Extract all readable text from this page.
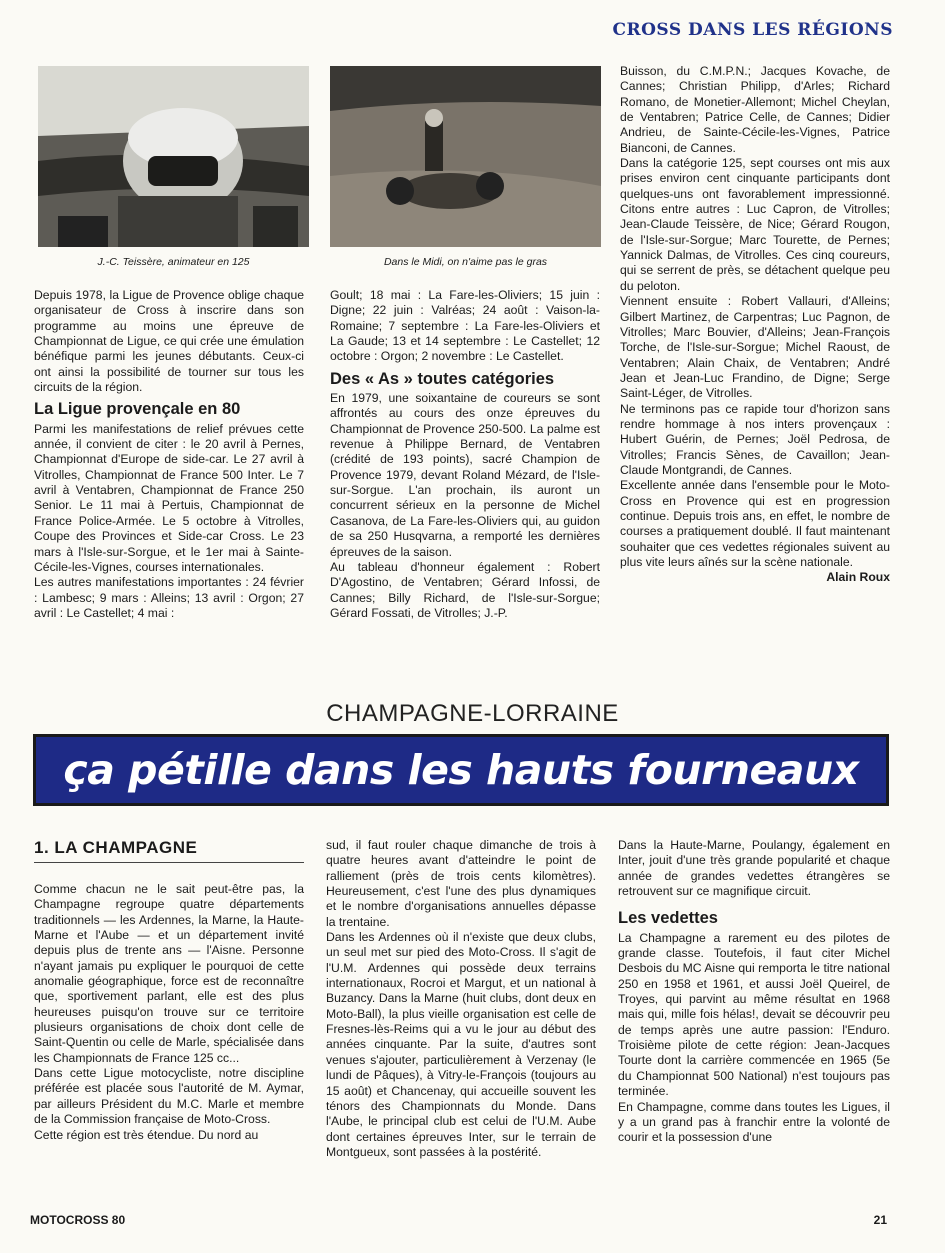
CROSS DANS LES RÉGIONS
J.-C. Teissère, animateur en 125	Dans le Midi, on n'aime pas le gras

Depuis 1978, la Ligue de Provence oblige chaque organisateur de Cross à inscrire dans son programme au moins une épreuve de Championnat de Ligue, ce qui crée une émulation bénéfique parmi les jeunes débutants. Ceux-ci ont ainsi la possibilité de tourner sur tous les circuits de la région.

La Ligue provençale en 80

Parmi les manifestations de relief prévues cette année, il convient de citer : le 20 avril à Pernes, Championnat d'Europe de side-car. Le 27 avril à Vitrolles, Championnat de France 500 Inter. Le 7 avril à Ventabren, Championnat de France 250 Senior. Le 11 mai à Pertuis, Championnat de France Police-Armée. Le 5 octobre à Vitrolles, Coupe des Provinces et Side-car Cross. Le 23 mars à l'Isle-sur-Sorgue, et le 1er mai à Sainte-Cécile-les-Vignes, courses internationales.

Les autres manifestations importantes : 24 février : Lambesc; 9 mars : Alleins; 13 avril : Orgon; 27 avril : Le Castellet; 4 mai :

Goult; 18 mai : La Fare-les-Oliviers; 15 juin : Digne; 22 juin : Valréas; 24 août : Vaison-la-Romaine; 7 septembre : La Fare-les-Oliviers et La Gaude; 13 et 14 septembre : Le Castellet; 12 octobre : Orgon; 2 novembre : Le Castellet.

Des « As » toutes catégories

En 1979, une soixantaine de coureurs se sont affrontés au cours des onze épreuves du Championnat de Provence 250-500. La palme est revenue à Philippe Bernard, de Ventabren (crédité de 193 points), sacré Champion de Provence 1979, devant Roland Mézard, de l'Isle-sur-Sorgue. L'an prochain, ils auront un concurrent sérieux en la personne de Michel Casanova, de La Fare-les-Oliviers qui, au guidon de sa 250 Husqvarna, a remporté les dernières épreuves de la saison.

Au tableau d'honneur également : Robert D'Agostino, de Ventabren; Gérard Infossi, de Cannes; Billy Richard, de l'Isle-sur-Sorgue; Gérard Fossati, de Vitrolles; J.-P.

Buisson, du C.M.P.N.; Jacques Kovache, de Cannes; Christian Philipp, d'Arles; Richard Romano, de Monetier-Allemont; Michel Cheylan, de Ventabren; Patrice Celle, de Cannes; Didier Andrieu, de Sainte-Cécile-les-Vignes, Patrice Bianconi, de Cannes.

Dans la catégorie 125, sept courses ont mis aux prises environ cent cinquante participants dont quelques-uns ont favorablement impressionné. Citons entre autres : Luc Capron, de Vitrolles; Jean-Claude Teissère, de Nice; Gérard Rougon, de l'Isle-sur-Sorgue; Marc Tourette, de Pernes; Yannick Dalmas, de Vitrolles. Ces cinq coureurs, qui se serrent de près, se détachent quelque peu du peloton.

Viennent ensuite : Robert Vallauri, d'Alleins; Gilbert Martinez, de Carpentras; Luc Pagnon, de Vitrolles; Marc Bouvier, d'Alleins; Jean-François Torche, de l'Isle-sur-Sorgue; Michel Raoust, de Ventabren; Alain Chaix, de Ventabren; André Jean et Jean-Luc Frandino, de Digne; Serge Saint-Léger, de Vitrolles.

Ne terminons pas ce rapide tour d'horizon sans rendre hommage à nos inters provençaux : Hubert Guérin, de Pernes; Joël Pedrosa, de Vitrolles; Francis Sènes, de Cavaillon; Jean-Claude Montgrandi, de Cannes.

Excellente année dans l'ensemble pour le Moto-Cross en Provence qui est en progression continue. Depuis trois ans, en effet, le nombre de courses a pratiquement doublé. Il faut maintenant souhaiter que ces vedettes régionales suivent au plus vite leurs aînés sur la scène nationale.

Alain Roux
CHAMPAGNE-LORRAINE
ça pétille dans les hauts fourneaux
1. LA CHAMPAGNE

Comme chacun ne le sait peut-être pas, la Champagne regroupe quatre départements traditionnels — les Ardennes, la Marne, la Haute-Marne et l'Aube — et un département invité depuis plus de trente ans — l'Aisne. Personne n'ayant jamais pu expliquer le pourquoi de cette anomalie géographique, force est de reconnaître que, sportivement parlant, elle est des plus heureuses puisqu'on trouve sur ce territoire plusieurs organisations de choix dont celle de Saint-Quentin ou celle de Marle, spécialisée dans les Championnats de France 125 cc...

Dans cette Ligue motocycliste, notre discipline préférée est placée sous l'autorité de M. Aymar, par ailleurs Président du M.C. Marle et membre de la Commission française de Moto-Cross.

Cette région est très étendue. Du nord au

sud, il faut rouler chaque dimanche de trois à quatre heures avant d'atteindre le point de ralliement (près de trois cents kilomètres). Heureusement, c'est l'une des plus dynamiques et le nombre d'organisations annuelles dépasse la trentaine.

Dans les Ardennes où il n'existe que deux clubs, un seul met sur pied des Moto-Cross. Il s'agit de l'U.M. Ardennes qui possède deux terrains internationaux, Rocroi et Margut, et un national à Buzancy. Dans la Marne (huit clubs, dont deux en Moto-Ball), la plus vieille organisation est celle de Fresnes-lès-Reims qui a vu le jour au début des années cinquante. Par la suite, d'autres sont venues s'ajouter, particulièrement à Verzenay (le lundi de Pâques), à Vitry-le-François (toujours au 15 août) et Chancenay, qui accueille souvent les ténors des Championnats du Monde. Dans l'Aube, le principal club est celui de l'U.M. Aube dont certaines épreuves Inter, sur le terrain de Montgueux, sont passées à la postérité.

Dans la Haute-Marne, Poulangy, également en Inter, jouit d'une très grande popularité et chaque année de grandes vedettes étrangères se retrouvent sur ce magnifique circuit.

Les vedettes

La Champagne a rarement eu des pilotes de grande classe. Toutefois, il faut citer Michel Desbois du MC Aisne qui remporta le titre national 250 en 1958 et 1961, et aussi Joël Queirel, de Troyes, qui parvint au même résultat en 1968 mais qui, mille fois hélas!, devait se découvrir peu de temps après une autre passion: l'Enduro. Troisième pilote de cette région: Jean-Jacques Tourte dont la carrière commencée en 1965 (5e du Championnat 500 National) n'est toujours pas terminée.

En Champagne, comme dans toutes les Ligues, il y a un grand pas à franchir entre la volonté de courir et la possession d'une

MOTOCROSS 80	21
